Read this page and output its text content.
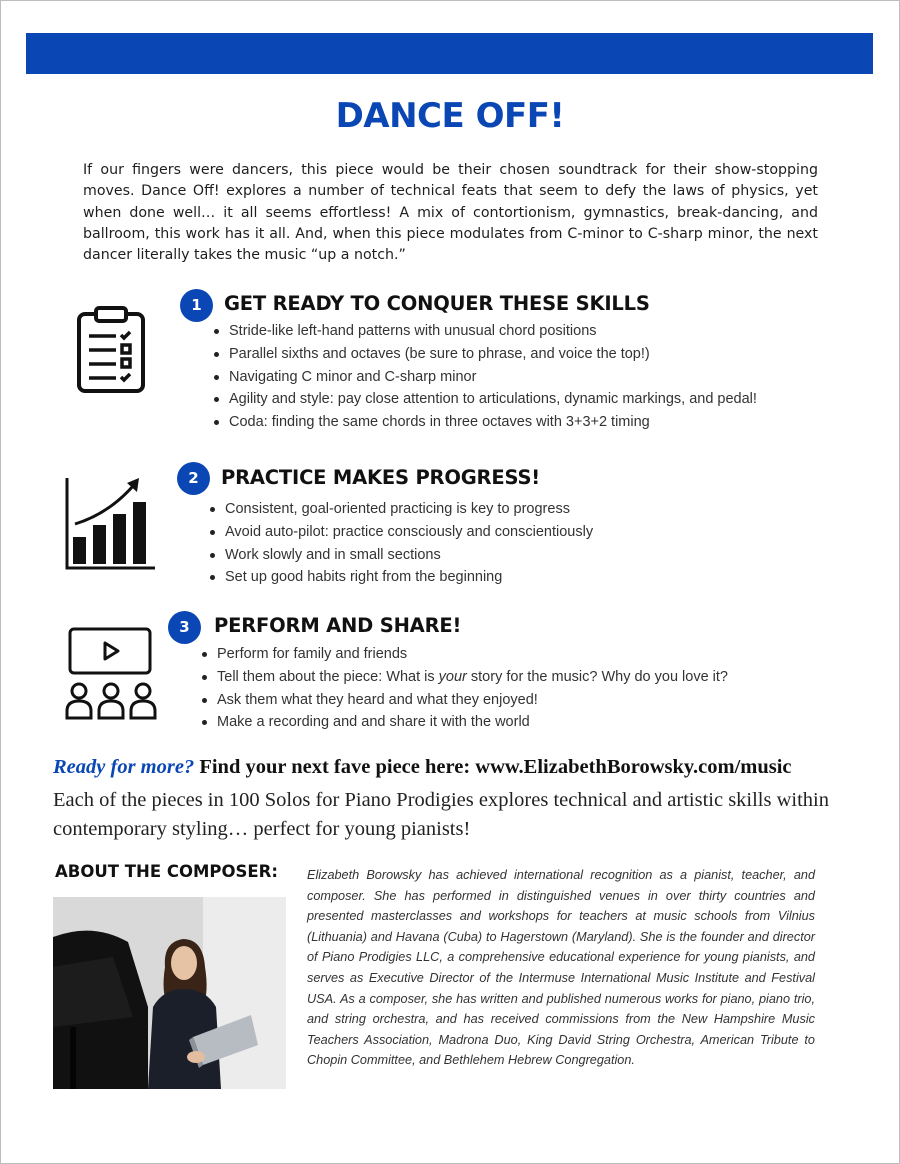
DANCE OFF!
If our fingers were dancers, this piece would be their chosen soundtrack for their show-stopping moves. Dance Off! explores a number of technical feats that seem to defy the laws of physics, yet when done well… it all seems effortless! A mix of contortionism, gymnastics, break-dancing, and ballroom, this work has it all. And, when this piece modulates from C-minor to C-sharp minor, the next dancer literally takes the music “up a notch.”
1	GET READY TO CONQUER THESE SKILLS
Stride-like left-hand patterns with unusual chord positions
Parallel sixths and octaves (be sure to phrase, and voice the top!)
Navigating C minor and C-sharp minor
Agility and style: pay close attention to articulations, dynamic markings, and pedal!
Coda: finding the same chords in three octaves with 3+3+2 timing
2	PRACTICE MAKES PROGRESS!
Consistent, goal-oriented practicing is key to progress
Avoid auto-pilot: practice consciously and conscientiously
Work slowly and in small sections
Set up good habits right from the beginning
3	PERFORM AND SHARE!
Perform for family and friends
Tell them about the piece: What is your story for the music? Why do you love it?
Ask them what they heard and what they enjoyed!
Make a recording and and share it with the world
Ready for more? Find your next fave piece here: www.ElizabethBorowsky.com/music
Each of the pieces in 100 Solos for Piano Prodigies explores technical and artistic skills within contemporary styling… perfect for young pianists!
ABOUT THE COMPOSER: Elizabeth Borowsky has achieved international recognition as a pianist, teacher, and composer. She has performed in distinguished venues in over thirty countries and presented masterclasses and workshops for teachers at music schools from Vilnius (Lithuania) and Havana (Cuba) to Hagerstown (Maryland). She is the founder and director of Piano Prodigies LLC, a comprehensive educational experience for young pianists, and serves as Executive Director of the Intermuse International Music Institute and Festival USA. As a composer, she has written and published numerous works for piano, piano trio, and string orchestra, and has received commissions from the New Hampshire Music Teachers Association, Madrona Duo, King David String Orchestra, American Tribute to Chopin Committee, and Bethlehem Hebrew Congregation.
